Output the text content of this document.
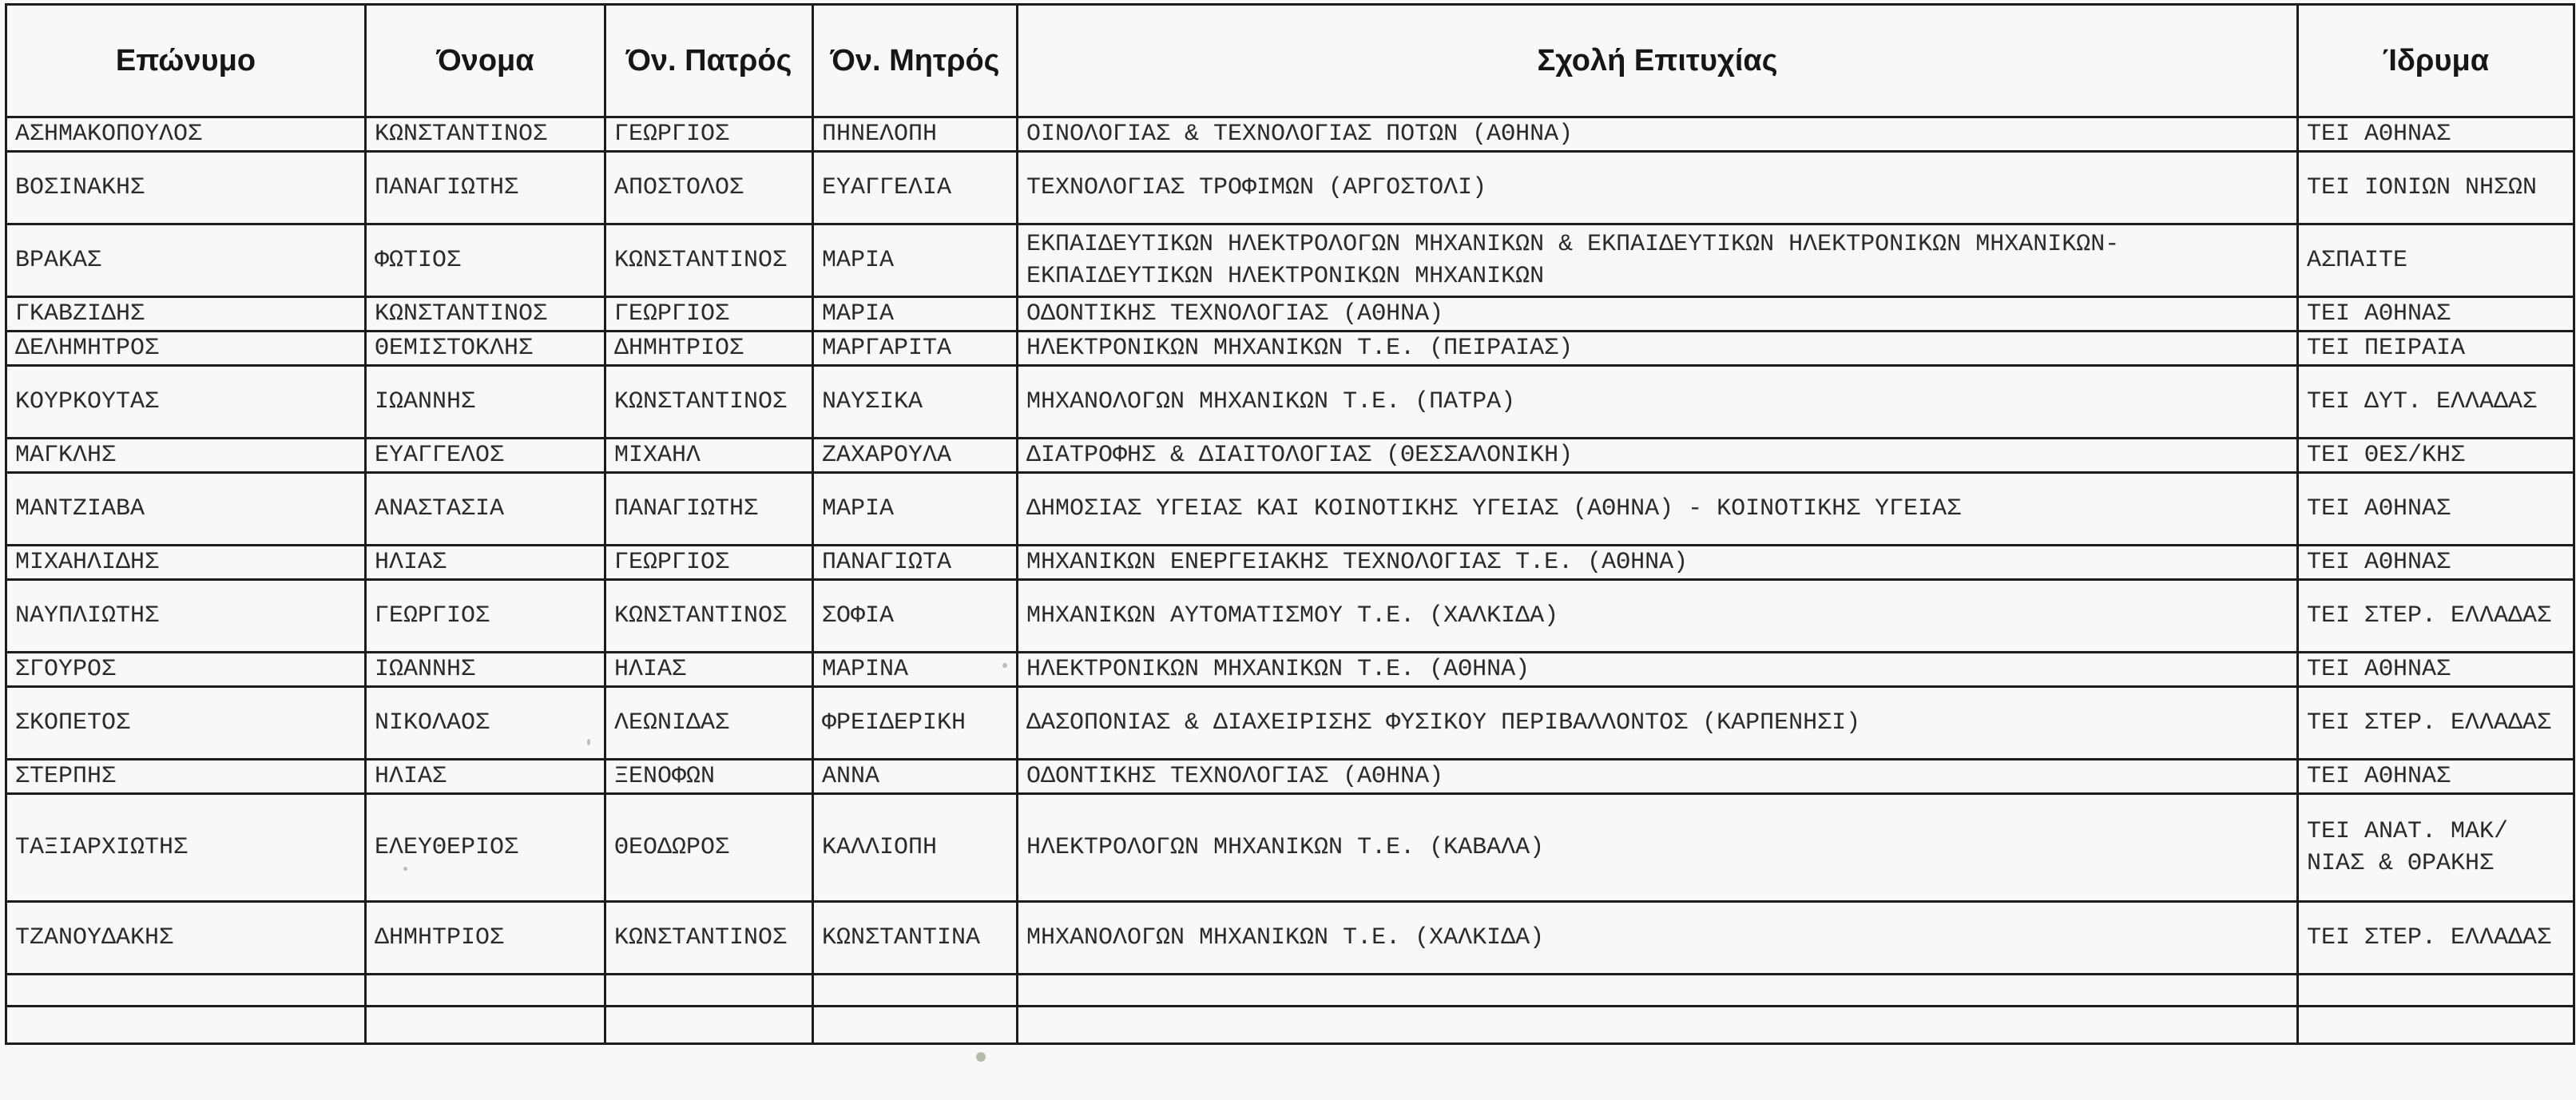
Επώνυμο	Όνομα	Όν. Πατρός	Όν. Μητρός	Σχολή Επιτυχίας	Ίδρυμα
ΑΣΗΜΑΚΟΠΟΥΛΟΣ	ΚΩΝΣΤΑΝΤΙΝΟΣ	ΓΕΩΡΓΙΟΣ	ΠΗΝΕΛΟΠΗ	ΟΙΝΟΛΟΓΙΑΣ & ΤΕΧΝΟΛΟΓΙΑΣ ΠΟΤΩΝ (ΑΘΗΝΑ)	ΤΕΙ ΑΘΗΝΑΣ
ΒΟΣΙΝΑΚΗΣ	ΠΑΝΑΓΙΩΤΗΣ	ΑΠΟΣΤΟΛΟΣ	ΕΥΑΓΓΕΛΙΑ	ΤΕΧΝΟΛΟΓΙΑΣ ΤΡΟΦΙΜΩΝ (ΑΡΓΟΣΤΟΛΙ)	ΤΕΙ ΙΟΝΙΩΝ ΝΗΣΩΝ
ΒΡΑΚΑΣ	ΦΩΤΙΟΣ	ΚΩΝΣΤΑΝΤΙΝΟΣ	ΜΑΡΙΑ	ΕΚΠΑΙΔΕΥΤΙΚΩΝ ΗΛΕΚΤΡΟΛΟΓΩΝ ΜΗΧΑΝΙΚΩΝ & ΕΚΠΑΙΔΕΥΤΙΚΩΝ ΗΛΕΚΤΡΟΝΙΚΩΝ ΜΗΧΑΝΙΚΩΝ- ΕΚΠΑΙΔΕΥΤΙΚΩΝ ΗΛΕΚΤΡΟΝΙΚΩΝ ΜΗΧΑΝΙΚΩΝ	ΑΣΠΑΙΤΕ
ΓΚΑΒΖΙΔΗΣ	ΚΩΝΣΤΑΝΤΙΝΟΣ	ΓΕΩΡΓΙΟΣ	ΜΑΡΙΑ	ΟΔΟΝΤΙΚΗΣ ΤΕΧΝΟΛΟΓΙΑΣ (ΑΘΗΝΑ)	ΤΕΙ ΑΘΗΝΑΣ
ΔΕΛΗΜΗΤΡΟΣ	ΘΕΜΙΣΤΟΚΛΗΣ	ΔΗΜΗΤΡΙΟΣ	ΜΑΡΓΑΡΙΤΑ	ΗΛΕΚΤΡΟΝΙΚΩΝ ΜΗΧΑΝΙΚΩΝ Τ.Ε. (ΠΕΙΡΑΙΑΣ)	ΤΕΙ ΠΕΙΡΑΙΑ
ΚΟΥΡΚΟΥΤΑΣ	ΙΩΑΝΝΗΣ	ΚΩΝΣΤΑΝΤΙΝΟΣ	ΝΑΥΣΙΚΑ	ΜΗΧΑΝΟΛΟΓΩΝ ΜΗΧΑΝΙΚΩΝ Τ.Ε. (ΠΑΤΡΑ)	ΤΕΙ ΔΥΤ. ΕΛΛΑΔΑΣ
ΜΑΓΚΛΗΣ	ΕΥΑΓΓΕΛΟΣ	ΜΙΧΑΗΛ	ΖΑΧΑΡΟΥΛΑ	ΔΙΑΤΡΟΦΗΣ & ΔΙΑΙΤΟΛΟΓΙΑΣ (ΘΕΣΣΑΛΟΝΙΚΗ)	ΤΕΙ ΘΕΣ/ΚΗΣ
ΜΑΝΤΖΙΑΒΑ	ΑΝΑΣΤΑΣΙΑ	ΠΑΝΑΓΙΩΤΗΣ	ΜΑΡΙΑ	ΔΗΜΟΣΙΑΣ ΥΓΕΙΑΣ ΚΑΙ ΚΟΙΝΟΤΙΚΗΣ ΥΓΕΙΑΣ (ΑΘΗΝΑ) - ΚΟΙΝΟΤΙΚΗΣ ΥΓΕΙΑΣ	ΤΕΙ ΑΘΗΝΑΣ
ΜΙΧΑΗΛΙΔΗΣ	ΗΛΙΑΣ	ΓΕΩΡΓΙΟΣ	ΠΑΝΑΓΙΩΤΑ	ΜΗΧΑΝΙΚΩΝ ΕΝΕΡΓΕΙΑΚΗΣ ΤΕΧΝΟΛΟΓΙΑΣ Τ.Ε. (ΑΘΗΝΑ)	ΤΕΙ ΑΘΗΝΑΣ
ΝΑΥΠΛΙΩΤΗΣ	ΓΕΩΡΓΙΟΣ	ΚΩΝΣΤΑΝΤΙΝΟΣ	ΣΟΦΙΑ	ΜΗΧΑΝΙΚΩΝ ΑΥΤΟΜΑΤΙΣΜΟΥ Τ.Ε. (ΧΑΛΚΙΔΑ)	ΤΕΙ ΣΤΕΡ. ΕΛΛΑΔΑΣ
ΣΓΟΥΡΟΣ	ΙΩΑΝΝΗΣ	ΗΛΙΑΣ	ΜΑΡΙΝΑ	ΗΛΕΚΤΡΟΝΙΚΩΝ ΜΗΧΑΝΙΚΩΝ Τ.Ε. (ΑΘΗΝΑ)	ΤΕΙ ΑΘΗΝΑΣ
ΣΚΟΠΕΤΟΣ	ΝΙΚΟΛΑΟΣ	ΛΕΩΝΙΔΑΣ	ΦΡΕΙΔΕΡΙΚΗ	ΔΑΣΟΠΟΝΙΑΣ & ΔΙΑΧΕΙΡΙΣΗΣ ΦΥΣΙΚΟΥ ΠΕΡΙΒΑΛΛΟΝΤΟΣ (ΚΑΡΠΕΝΗΣΙ)	ΤΕΙ ΣΤΕΡ. ΕΛΛΑΔΑΣ
ΣΤΕΡΠΗΣ	ΗΛΙΑΣ	ΞΕΝΟΦΩΝ	ΑΝΝΑ	ΟΔΟΝΤΙΚΗΣ ΤΕΧΝΟΛΟΓΙΑΣ (ΑΘΗΝΑ)	ΤΕΙ ΑΘΗΝΑΣ
ΤΑΞΙΑΡΧΙΩΤΗΣ	ΕΛΕΥΘΕΡΙΟΣ	ΘΕΟΔΩΡΟΣ	ΚΑΛΛΙΟΠΗ	ΗΛΕΚΤΡΟΛΟΓΩΝ ΜΗΧΑΝΙΚΩΝ Τ.Ε. (ΚΑΒΑΛΑ)	ΤΕΙ ΑΝΑΤ. ΜΑΚ/ΝΙΑΣ & ΘΡΑΚΗΣ
ΤΖΑΝΟΥΔΑΚΗΣ	ΔΗΜΗΤΡΙΟΣ	ΚΩΝΣΤΑΝΤΙΝΟΣ	ΚΩΝΣΤΑΝΤΙΝΑ	ΜΗΧΑΝΟΛΟΓΩΝ ΜΗΧΑΝΙΚΩΝ Τ.Ε. (ΧΑΛΚΙΔΑ)	ΤΕΙ ΣΤΕΡ. ΕΛΛΑΔΑΣ
